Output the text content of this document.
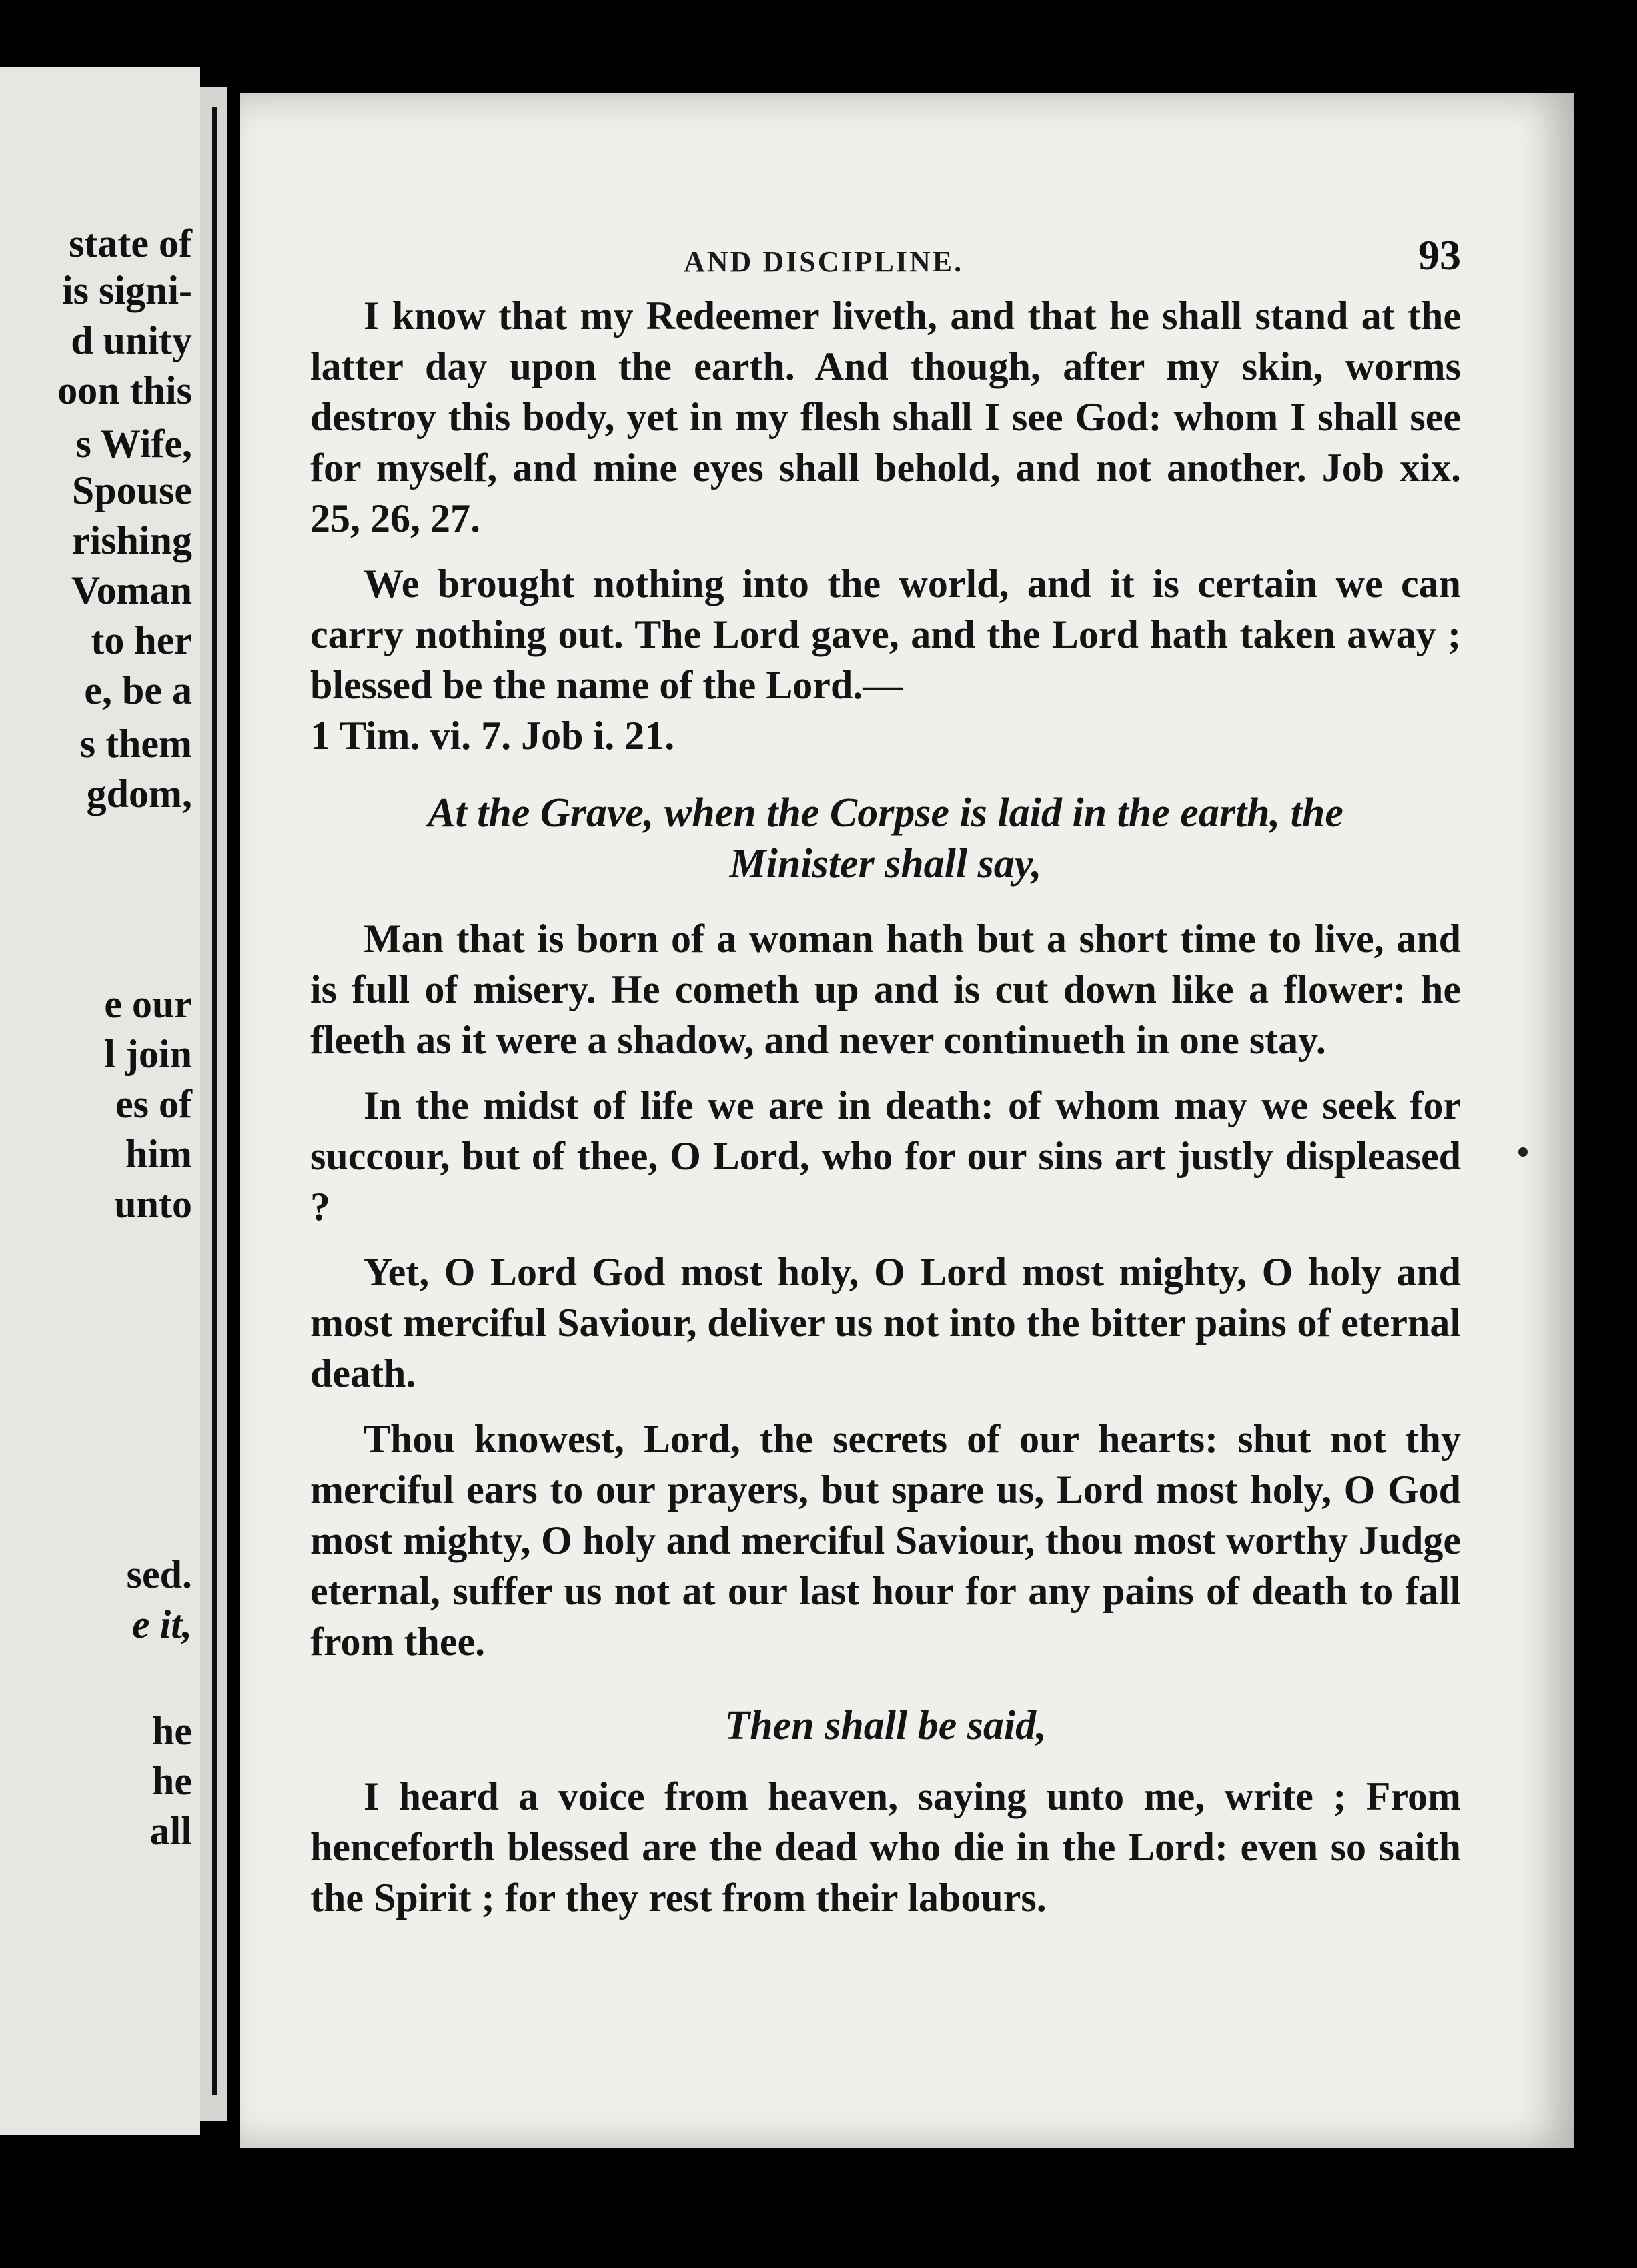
state of
is signi-
d unity
oon this
s Wife,
Spouse
rishing
Voman
to her
e, be a
s them
gdom,
e our
l join
es of
him
unto
sed.
e it,
he
he
all
AND DISCIPLINE.	93

I know that my Redeemer liveth, and that he shall stand at the latter day upon the earth. And though, after my skin, worms destroy this body, yet in my flesh shall I see God: whom I shall see for myself, and mine eyes shall behold, and not another. Job xix. 25, 26, 27.

We brought nothing into the world, and it is certain we can carry nothing out. The Lord gave, and the Lord hath taken away ; blessed be the name of the Lord.—

1 Tim. vi. 7. Job i. 21.

At the Grave, when the Corpse is laid in the earth, the
Minister shall say,

Man that is born of a woman hath but a short time to live, and is full of misery. He cometh up and is cut down like a flower: he fleeth as it were a shadow, and never continueth in one stay.

In the midst of life we are in death: of whom may we seek for succour, but of thee, O Lord, who for our sins art justly displeased ?

Yet, O Lord God most holy, O Lord most mighty, O holy and most merciful Saviour, deliver us not into the bitter pains of eternal death.

Thou knowest, Lord, the secrets of our hearts: shut not thy merciful ears to our prayers, but spare us, Lord most holy, O God most mighty, O holy and merciful Saviour, thou most worthy Judge eternal, suffer us not at our last hour for any pains of death to fall from thee.

Then shall be said,

I heard a voice from heaven, saying unto me, write ; From henceforth blessed are the dead who die in the Lord: even so saith the Spirit ; for they rest from their labours.
